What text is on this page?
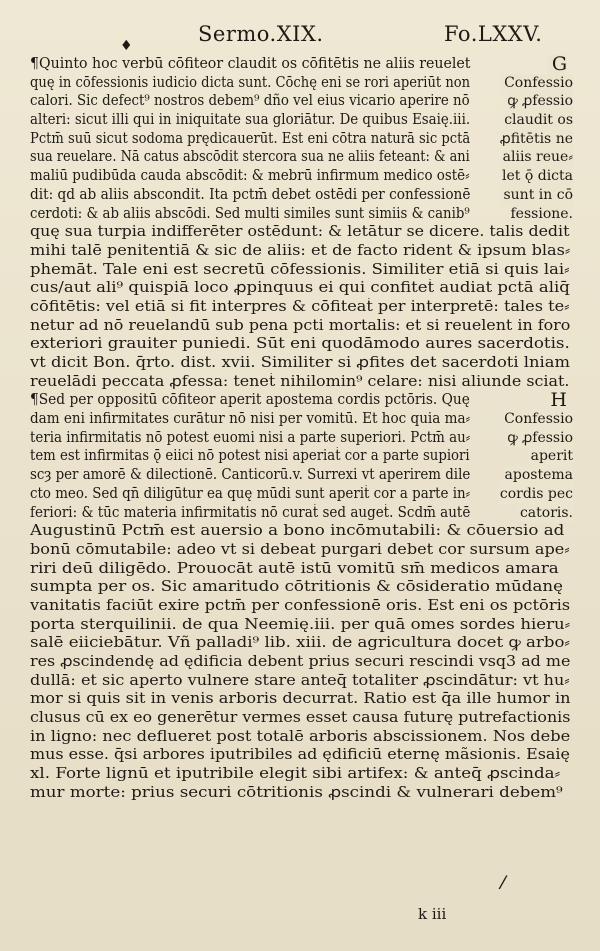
♦	Sermo.XIX.	Fo.LXXV.
¶Quinto hoc verbū cōfiteor claudit os cōfitētis ne aliis reuelet	G
quę in cōfessionis iudicio dicta sunt. Cōchę eni se rori aperiūt non	Confessio
calori. Sic defect⁹ nostros debem⁹ dño vel eius vicario aperire nō	ꝙ ꝓfessio
alteri: sicut illi qui in iniquitate sua gloriātur. De quibus Esaię.iii.	claudit os
Pctm̄ suū sicut sodoma prędicauerūt. Est eni cōtra naturā sic pctā	ꝓfitētis ne
sua reuelare. Nā catus abscōdit stercora sua ne aliis feteant: & ani	aliis reue⸗
maliū pudibūda cauda abscōdit: & mebrū infirmum medico ostē⸗	let ǭ dicta
dit: qd ab aliis abscondit. Ita pctm̄ debet ostēdi per confessionē	sunt in cō
cerdoti: & ab aliis abscōdi. Sed multi similes sunt simiis & canib⁹	fessione.
quę sua turpia indifferēter ostēdunt: & letātur se dicere. talis dedit
mihi talē penitentiā & sic de aliis: et de facto rident & ipsum blas⸗
phemāt. Tale eni est secretū cōfessionis. Similiter etiā si quis lai⸗
cus/aut ali⁹ quispiā loco ꝓpinquus ei qui confiteṫ audiat pctā aliq̄
cōfitētis: vel etiā si fit interpres & cōfiteaṫ per interpretē: tales te⸗
netur ad nō reuelandū sub pena pcti mortalis: et si reuelent in foro
exteriori grauiter puniedi. Sūt eni quodāmodo aures sacerdotis.
vt dicit Bon. q̄rto. dist. xvii. Similiter si ꝓfites det sacerdoti lniam
reuelādi peccata ꝓfessa: teneṫ nihilomin⁹ celare: nisi aliunde sciat.
¶Sed per oppositū cōfiteor aperit apostema cordis pctōris. Quę	H
dam eni infirmitates curātur nō nisi per vomitū. Et hoc quia ma⸗	Confessio
teria infirmitatis nō potest euomi nisi a parte superiori. Pctm̄ au⸗	ꝙ ꝓfessio
tem est infirmitas ǭ eiici nō potest nisi aperiaṫ cor a parte supiori	aperit
scȝ per amorē & dilectionē. Canticorū.v. Surrexi vt aperirem dile	apostema
cto meo. Sed qn̄ diligūtur ea quę mūdi sunt aperiṫ cor a parte in⸗	cordis pec
feriori: & tūc materia infirmitatis nō curaṫ sed augeṫ. Scdm̄ autē	catoris.
Augustinū Pctm̄ est auersio a bono incōmutabili: & cōuersio ad
bonū cōmutabile: adeo vt si debeat purgari debet cor sursum ape⸗
riri deū diligēdo. Prouocāt autē istū vomitū sm̄ medicos amara
sumpta per os. Sic amaritudo cōtritionis & cōsideratio mūdanę
vanitatis faciūt exire pctm̄ per confessionē oris. Est eni os pctōris
porta sterquilinii. de qua Neemię.iii. per quā omes sordes hieru⸗
salē eiiciebātur. Vñ palladi⁹ lib. xiii. de agricultura docet ꝙ arbo⸗
res ꝓscindendę ad ędificia debent prius securi rescindi vsq3 ad me
dullā: et sic aperto vulnere stare anteq̄ totaliter ꝓscindātur: vt hu⸗
mor si quis sit in venis arboris decurrat. Ratio est q̄a ille humor in
clusus cū ex eo generētur vermes esset causa futurę putrefactionis
in ligno: nec deflueret post totalē arboris abscissionem. Nos debe
mus esse. q̄si arbores iputribiles ad ędificiū eternę mãsionis. Esaię
xl. Forte lignū et iputribile elegit sibi artifex: & anteq̄ ꝓscinda⸗
mur morte: prius securi cōtritionis ꝓscindi & vulnerari debem⁹
/
k iii
